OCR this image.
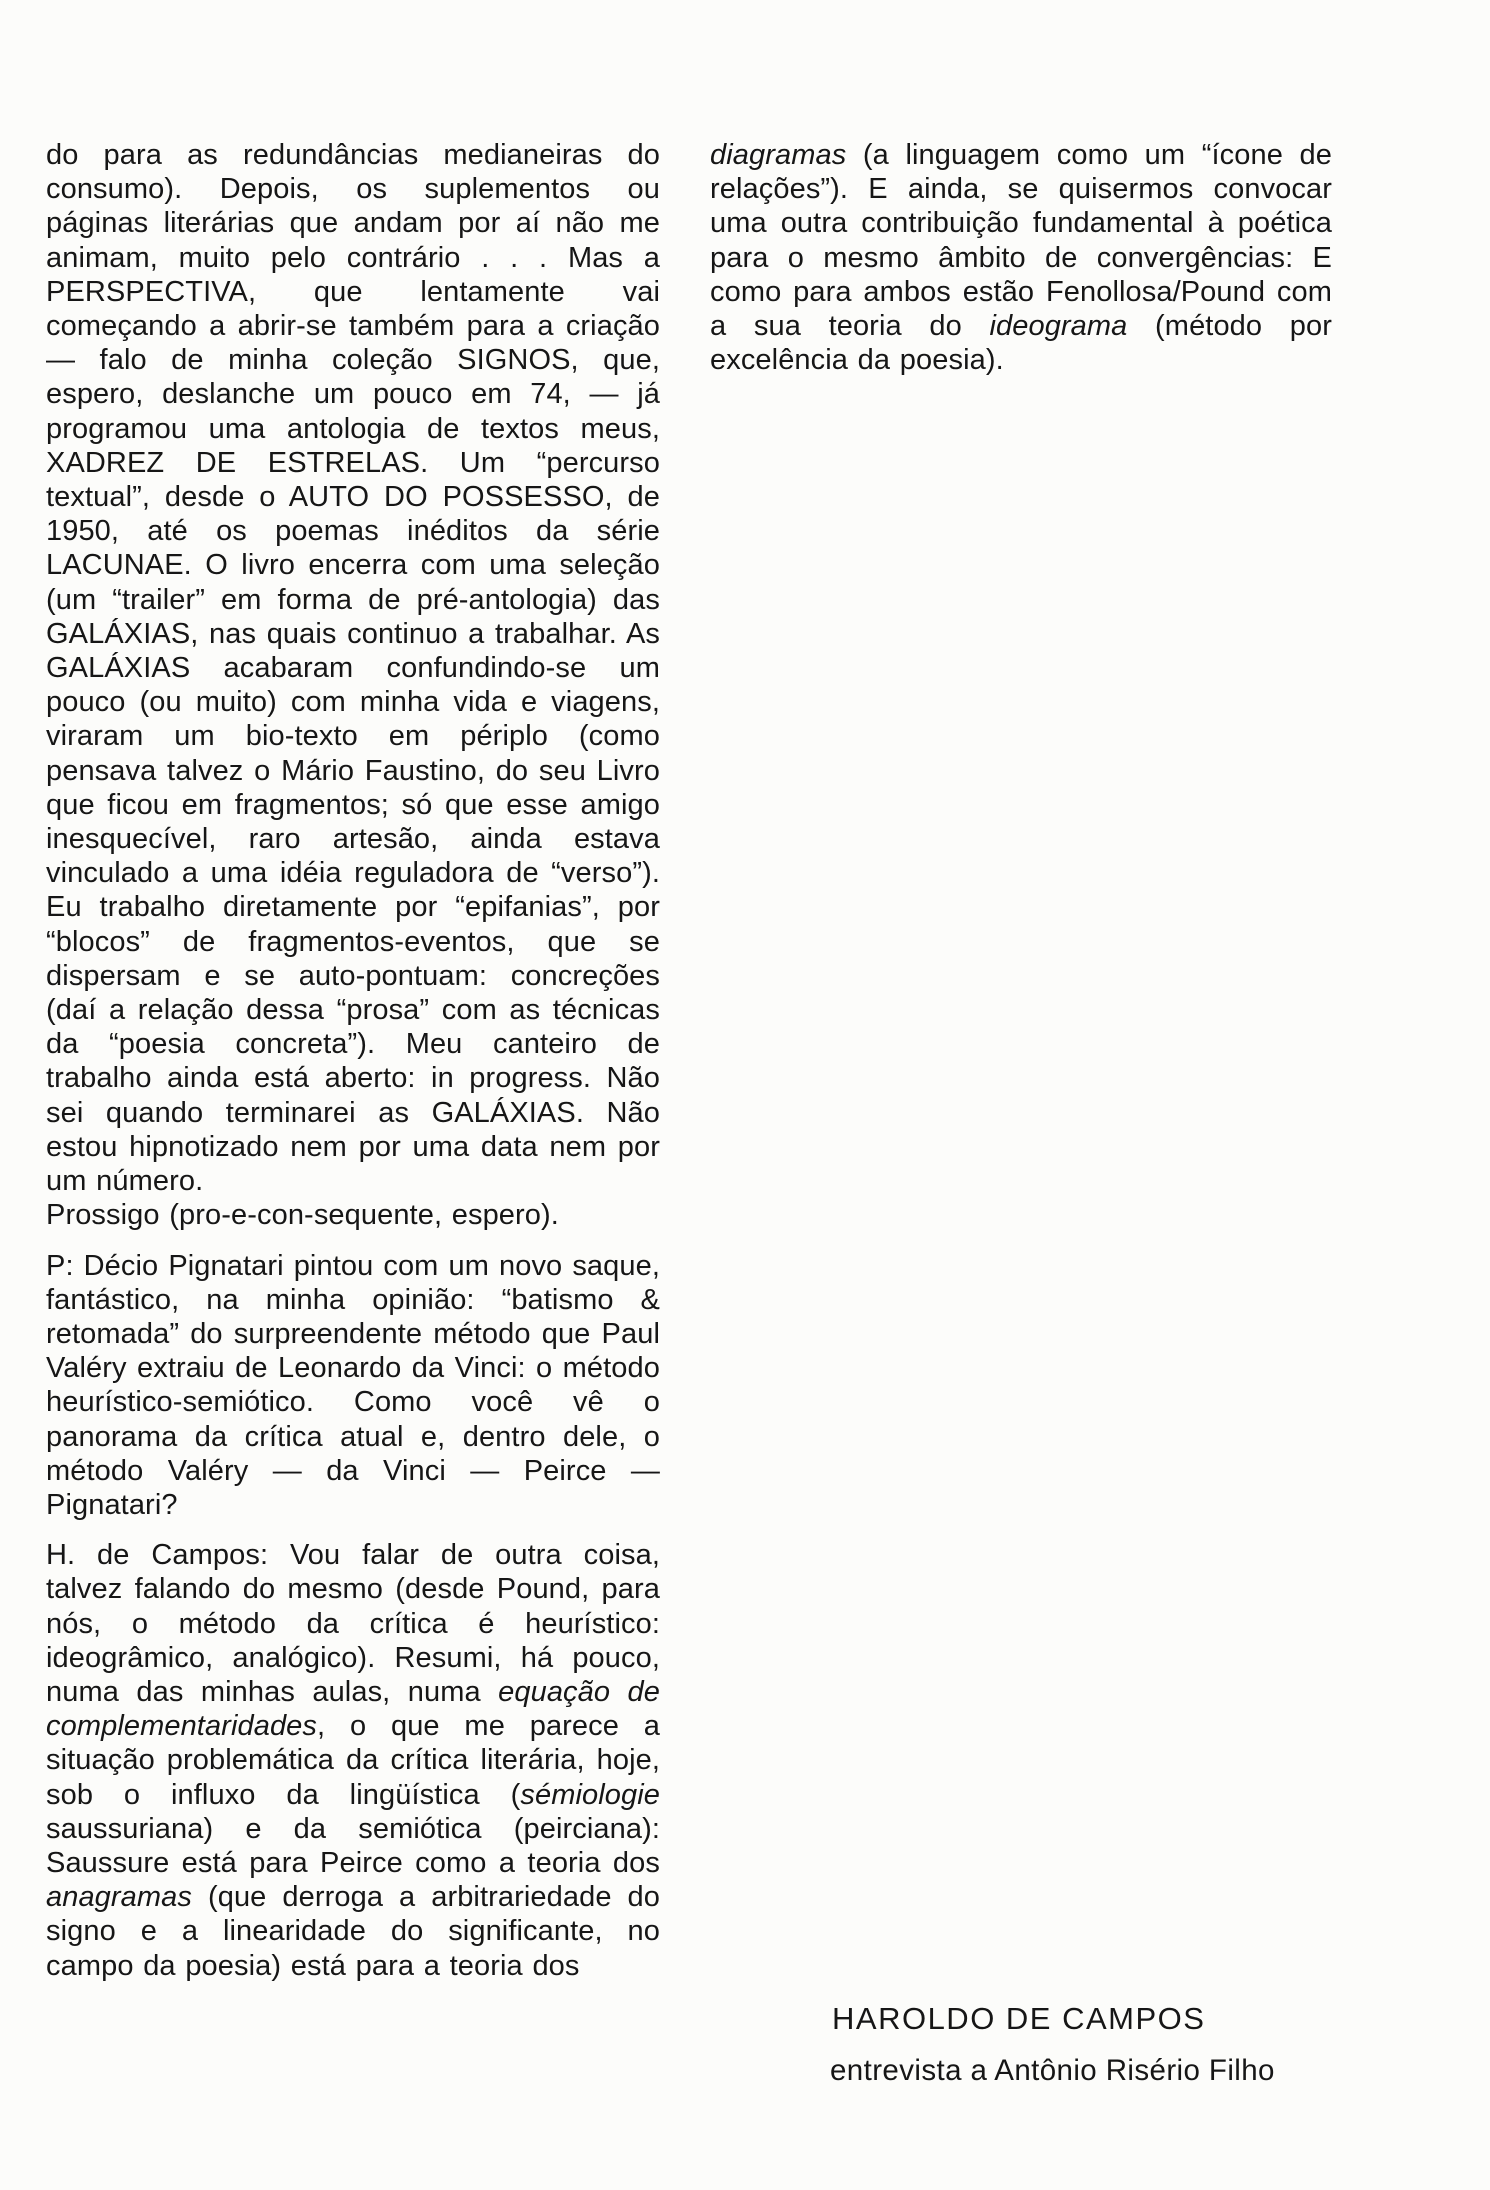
do para as redundâncias medianeiras do consumo). Depois, os suplementos ou páginas literárias que andam por aí não me animam, muito pelo contrário . . . Mas a PERSPECTIVA, que lentamente vai começando a abrir-se também para a criação — falo de minha coleção SIGNOS, que, espero, deslanche um pouco em 74, — já programou uma antologia de textos meus, XADREZ DE ESTRELAS. Um “percurso textual”, desde o AUTO DO POSSESSO, de 1950, até os poemas inéditos da série LACUNAE. O livro encerra com uma seleção (um “trailer” em forma de pré-antologia) das GALÁXIAS, nas quais continuo a trabalhar. As GALÁXIAS acabaram confundindo-se um pouco (ou muito) com minha vida e viagens, viraram um bio-texto em périplo (como pensava talvez o Mário Faustino, do seu Livro que ficou em fragmentos; só que esse amigo inesquecível, raro artesão, ainda estava vinculado a uma idéia reguladora de “verso”). Eu trabalho diretamente por “epifanias”, por “blocos” de fragmentos-eventos, que se dispersam e se auto-pontuam: concreções (daí a relação dessa “prosa” com as técnicas da “poesia concreta”). Meu canteiro de trabalho ainda está aberto: in progress. Não sei quando terminarei as GALÁXIAS. Não estou hipnotizado nem por uma data nem por um número.

Prossigo (pro-e-con-sequente, espero).

P: Décio Pignatari pintou com um novo saque, fantástico, na minha opinião: “batismo & retomada” do surpreendente método que Paul Valéry extraiu de Leonardo da Vinci: o método heurístico-semiótico. Como você vê o panorama da crítica atual e, dentro dele, o método Valéry — da Vinci — Peirce — Pignatari?

H. de Campos: Vou falar de outra coisa, talvez falando do mesmo (desde Pound, para nós, o método da crítica é heurístico: ideogrâmico, analógico). Resumi, há pouco, numa das minhas aulas, numa equação de complementaridades, o que me parece a situação problemática da crítica literária, hoje, sob o influxo da lingüística (sémiologie saussuriana) e da semiótica (peirciana): Saussure está para Peirce como a teoria dos anagramas (que derroga a arbitrariedade do signo e a linearidade do significante, no campo da poesia) está para a teoria dos

diagramas (a linguagem como um “ícone de relações”). E ainda, se quisermos convocar uma outra contribuição fundamental à poética para o mesmo âmbito de convergências: E como para ambos estão Fenollosa/Pound com a sua teoria do ideograma (método por excelência da poesia).

HAROLDO DE CAMPOS
entrevista a Antônio Risério Filho
